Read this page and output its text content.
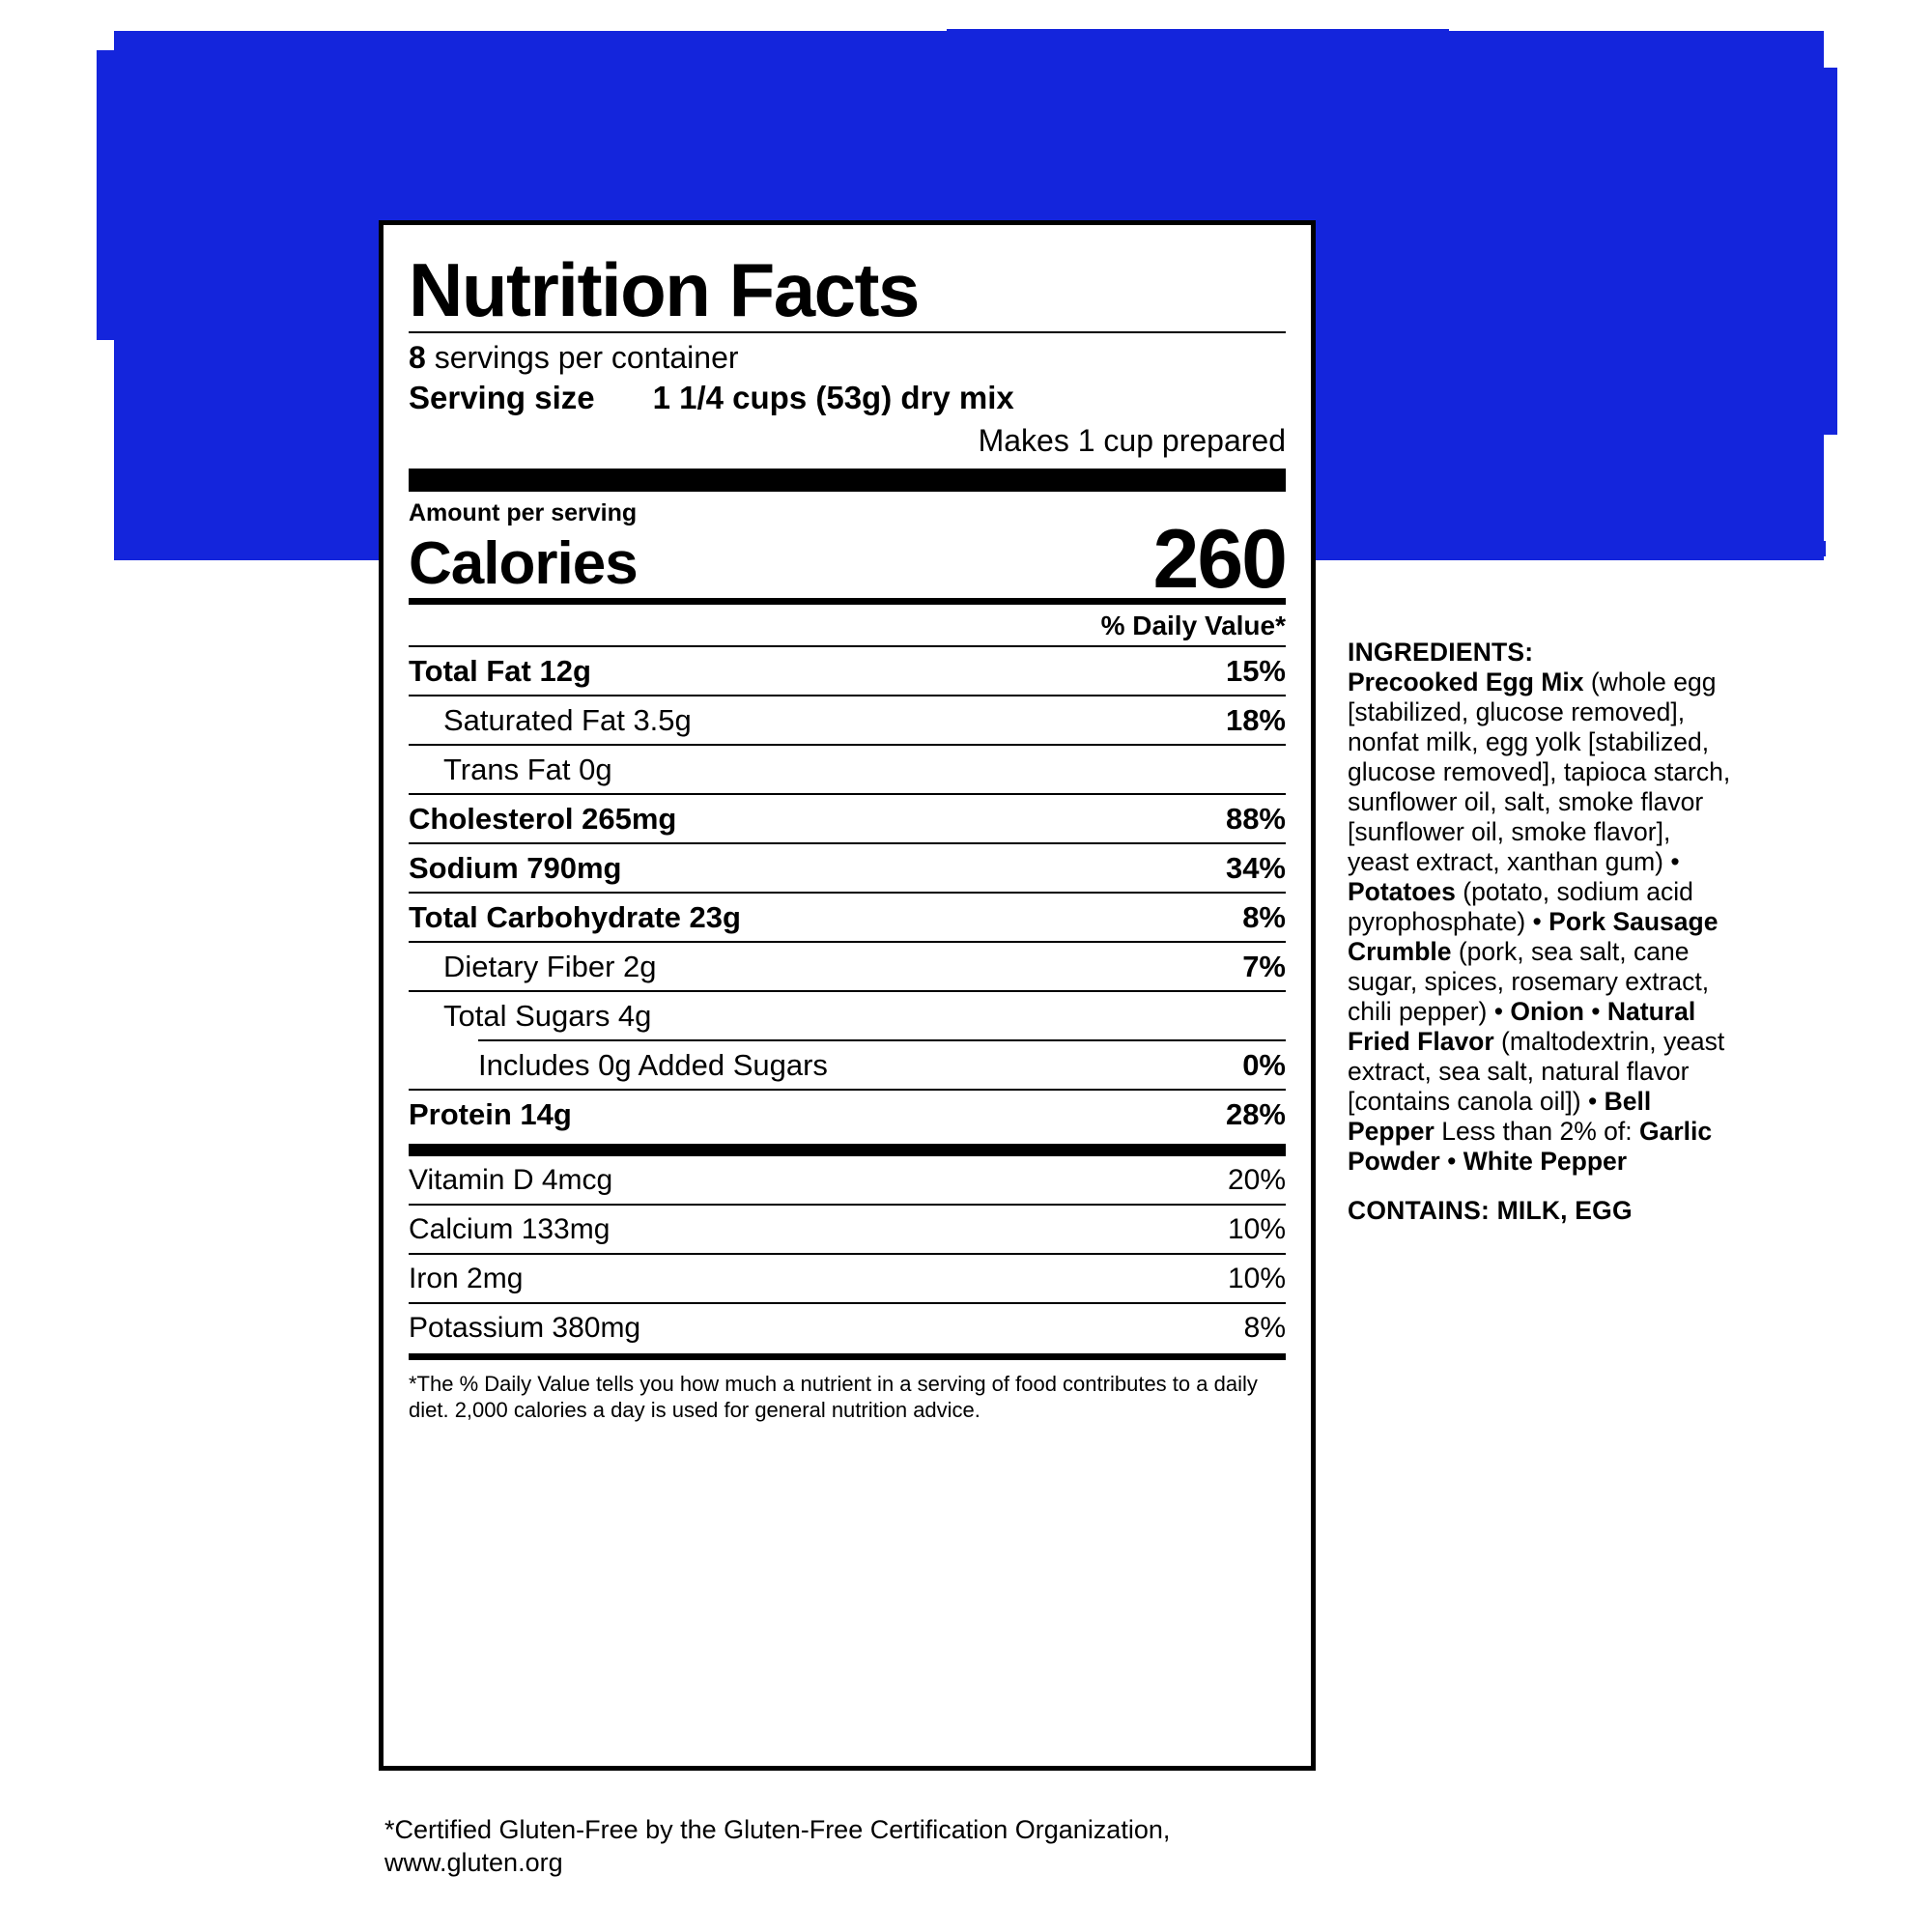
Nutrition Facts
8 servings per container
Serving size 1 1/4 cups (53g) dry mix
Makes 1 cup prepared
Amount per serving
Calories	260
% Daily Value*
Total Fat 12g	15%
Saturated Fat 3.5g	18%
Trans Fat 0g
Cholesterol 265mg	88%
Sodium 790mg	34%
Total Carbohydrate 23g	8%
Dietary Fiber 2g	7%
Total Sugars 4g
Includes 0g Added Sugars	0%
Protein 14g	28%
Vitamin D 4mcg	20%
Calcium 133mg	10%
Iron 2mg	10%
Potassium 380mg	8%
*The % Daily Value tells you how much a nutrient in a serving of food contributes to a daily diet. 2,000 calories a day is used for general nutrition advice.
INGREDIENTS:
Precooked Egg Mix (whole egg [stabilized, glucose removed], nonfat milk, egg yolk [stabilized, glucose removed], tapioca starch, sunflower oil, salt, smoke flavor [sunflower oil, smoke flavor], yeast extract, xanthan gum) • Potatoes (potato, sodium acid pyrophosphate) • Pork Sausage Crumble (pork, sea salt, cane sugar, spices, rosemary extract, chili pepper) • Onion • Natural Fried Flavor (maltodextrin, yeast extract, sea salt, natural flavor [contains canola oil]) • Bell Pepper Less than 2% of: Garlic Powder • White Pepper
CONTAINS: MILK, EGG
*Certified Gluten-Free by the Gluten-Free Certification Organization, www.gluten.org
